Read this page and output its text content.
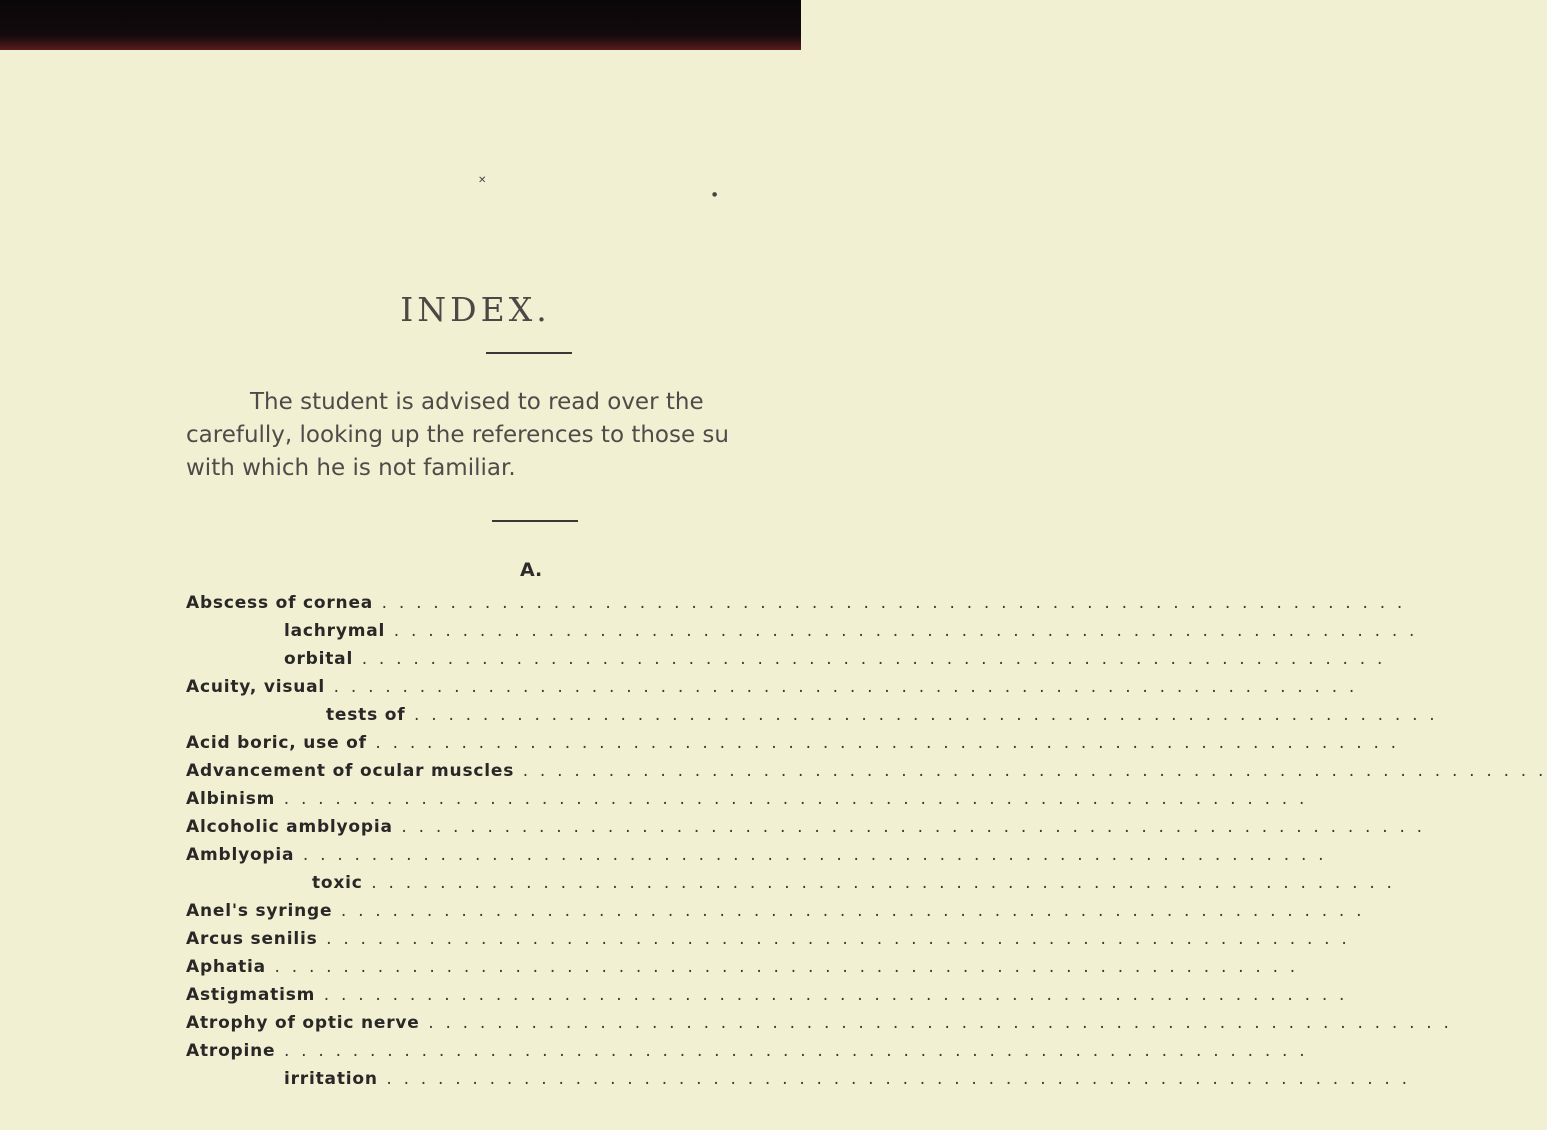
✕
●
INDEX.
The student is advised to read over the
carefully, looking up the references to those su
with which he is not familiar.
A.
Abscess of cornea . . . . . . . . . . . . . . . . . . . . . . . . . . . . . . . . . . . . . . . . . . . . . . . . . . . . . . . . . . . .
lachrymal . . . . . . . . . . . . . . . . . . . . . . . . . . . . . . . . . . . . . . . . . . . . . . . . . . . . . . . . . . . .
orbital . . . . . . . . . . . . . . . . . . . . . . . . . . . . . . . . . . . . . . . . . . . . . . . . . . . . . . . . . . . .
Acuity, visual . . . . . . . . . . . . . . . . . . . . . . . . . . . . . . . . . . . . . . . . . . . . . . . . . . . . . . . . . . . .
tests of . . . . . . . . . . . . . . . . . . . . . . . . . . . . . . . . . . . . . . . . . . . . . . . . . . . . . . . . . . . .
Acid boric, use of . . . . . . . . . . . . . . . . . . . . . . . . . . . . . . . . . . . . . . . . . . . . . . . . . . . . . . . . . . . .
Advancement of ocular muscles . . . . . . . . . . . . . . . . . . . . . . . . . . . . . . . . . . . . . . . . . . . . . . . . . . . . . . . . . . . .
Albinism . . . . . . . . . . . . . . . . . . . . . . . . . . . . . . . . . . . . . . . . . . . . . . . . . . . . . . . . . . . .
Alcoholic amblyopia . . . . . . . . . . . . . . . . . . . . . . . . . . . . . . . . . . . . . . . . . . . . . . . . . . . . . . . . . . . .
Amblyopia . . . . . . . . . . . . . . . . . . . . . . . . . . . . . . . . . . . . . . . . . . . . . . . . . . . . . . . . . . . .
toxic . . . . . . . . . . . . . . . . . . . . . . . . . . . . . . . . . . . . . . . . . . . . . . . . . . . . . . . . . . . .
Anel's syringe . . . . . . . . . . . . . . . . . . . . . . . . . . . . . . . . . . . . . . . . . . . . . . . . . . . . . . . . . . . .
Arcus senilis . . . . . . . . . . . . . . . . . . . . . . . . . . . . . . . . . . . . . . . . . . . . . . . . . . . . . . . . . . . .
Aphatia . . . . . . . . . . . . . . . . . . . . . . . . . . . . . . . . . . . . . . . . . . . . . . . . . . . . . . . . . . . .
Astigmatism . . . . . . . . . . . . . . . . . . . . . . . . . . . . . . . . . . . . . . . . . . . . . . . . . . . . . . . . . . . .
Atrophy of optic nerve . . . . . . . . . . . . . . . . . . . . . . . . . . . . . . . . . . . . . . . . . . . . . . . . . . . . . . . . . . . .
Atropine . . . . . . . . . . . . . . . . . . . . . . . . . . . . . . . . . . . . . . . . . . . . . . . . . . . . . . . . . . . .
irritation . . . . . . . . . . . . . . . . . . . . . . . . . . . . . . . . . . . . . . . . . . . . . . . . . . . . . . . . . . . .
